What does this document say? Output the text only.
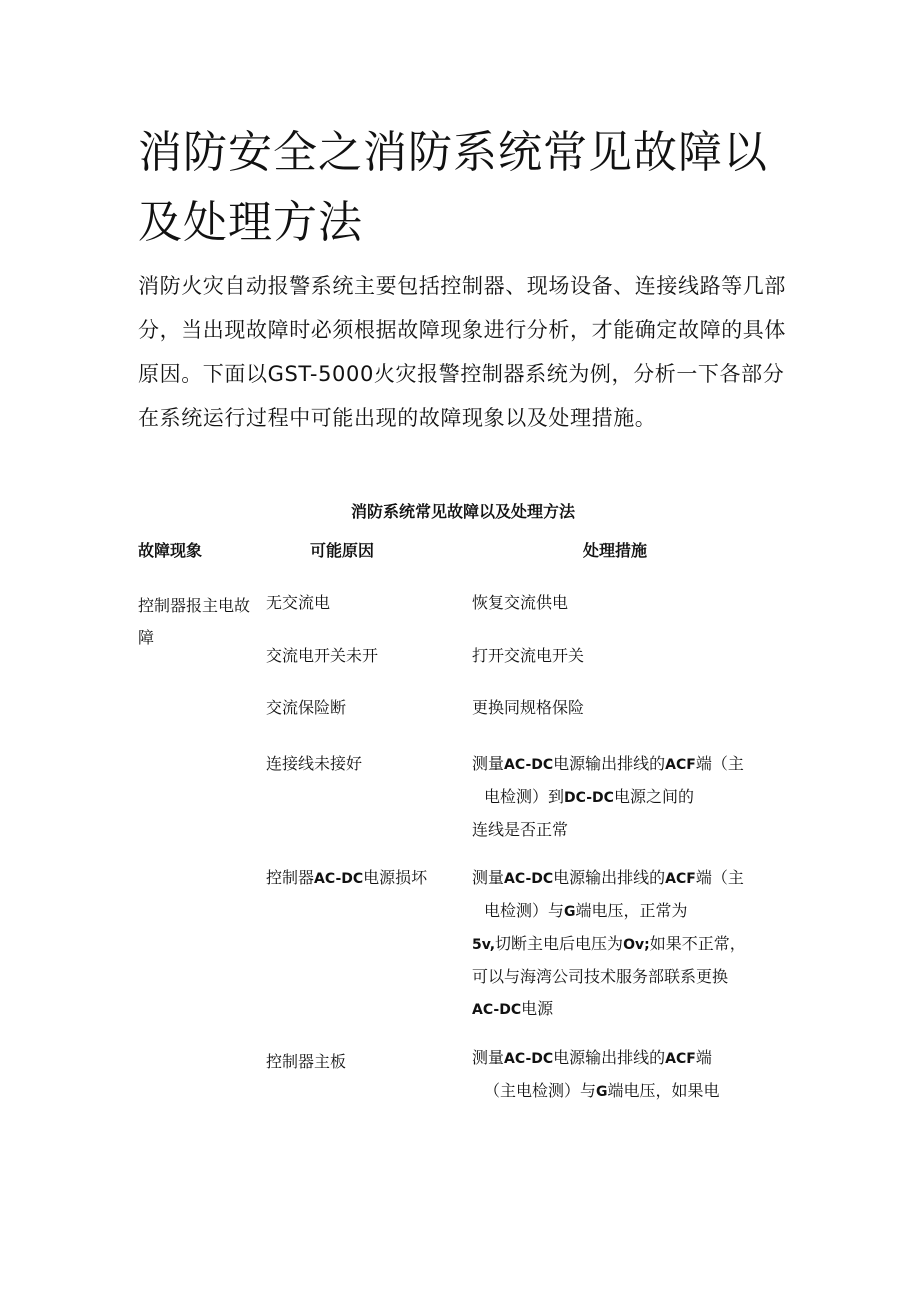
消防安全之消防系统常见故障以及处理方法

消防火灾自动报警系统主要包括控制器、现场设备、连接线路等几部分，当出现故障时必须根据故障现象进行分析，才能确定故障的具体原因。下面以GST-5000火灾报警控制器系统为例，分析一下各部分在系统运行过程中可能出现的故障现象以及处理措施。

消防系统常见故障以及处理方法
故障现象	可能原因	处理措施
控制器报主电故障
无交流电	恢复交流供电
交流电开关未开	打开交流电开关
交流保险断	更换同规格保险
连接线未接好	测量AC-DC电源输出排线的ACF端（主
电检测）到DC-DC电源之间的
连线是否正常
控制器AC-DC电源损坏	测量AC-DC电源输出排线的ACF端（主
电检测）与G端电压，正常为
5v,切断主电后电压为Ov;如果不正常，
可以与海湾公司技术服务部联系更换
AC-DC电源
控制器主板	测量AC-DC电源输出排线的ACF端
（主电检测）与G端电压，如果电
